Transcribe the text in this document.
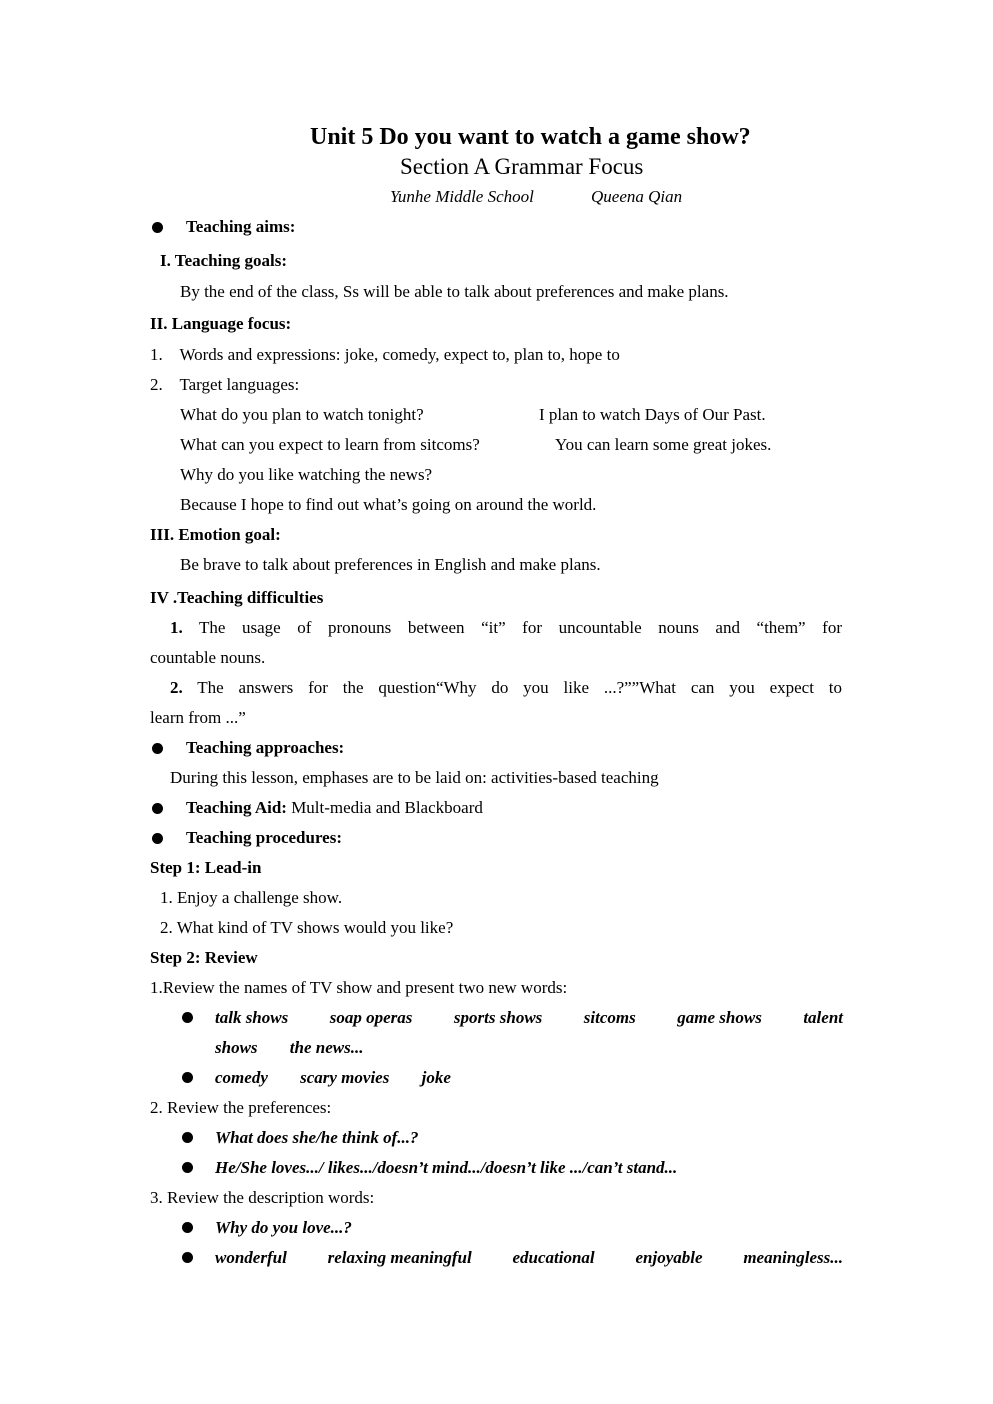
Unit 5 Do you want to watch a game show?
Section A Grammar Focus
Yunhe Middle School	Queena Qian
Teaching aims:
I. Teaching goals:
By the end of the class, Ss will be able to talk about preferences and make plans.
II. Language focus:
1.    Words and expressions: joke, comedy, expect to, plan to, hope to
2.    Target languages:
What do you plan to watch tonight?	I plan to watch Days of Our Past.
What can you expect to learn from sitcoms?	You can learn some great jokes.
Why do you like watching the news?
Because I hope to find out what’s going on around the world.
III. Emotion goal:
Be brave to talk about preferences in English and make plans.
IV .Teaching difficulties
1. The usage of pronouns between “it” for uncountable nouns and “them” for
countable nouns.
2. The answers for the question“Why do you like ...?””What can you expect to
learn from ...”
Teaching approaches:
During this lesson, emphases are to be laid on: activities-based teaching
Teaching Aid: Mult-media and Blackboard
Teaching procedures:
Step 1: Lead-in
1. Enjoy a challenge show.
2. What kind of TV shows would you like?
Step 2: Review
1.Review the names of TV show and present two new words:
talk shows soap operas sports shows sitcoms game shows talent
shows the news...
comedy scary movies joke
2. Review the preferences:
What does she/he think of...?
He/She loves.../ likes.../doesn’t mind.../doesn’t like .../can’t stand...
3. Review the description words:
Why do you love...?
wonderful relaxing meaningful educational enjoyable meaningless...
